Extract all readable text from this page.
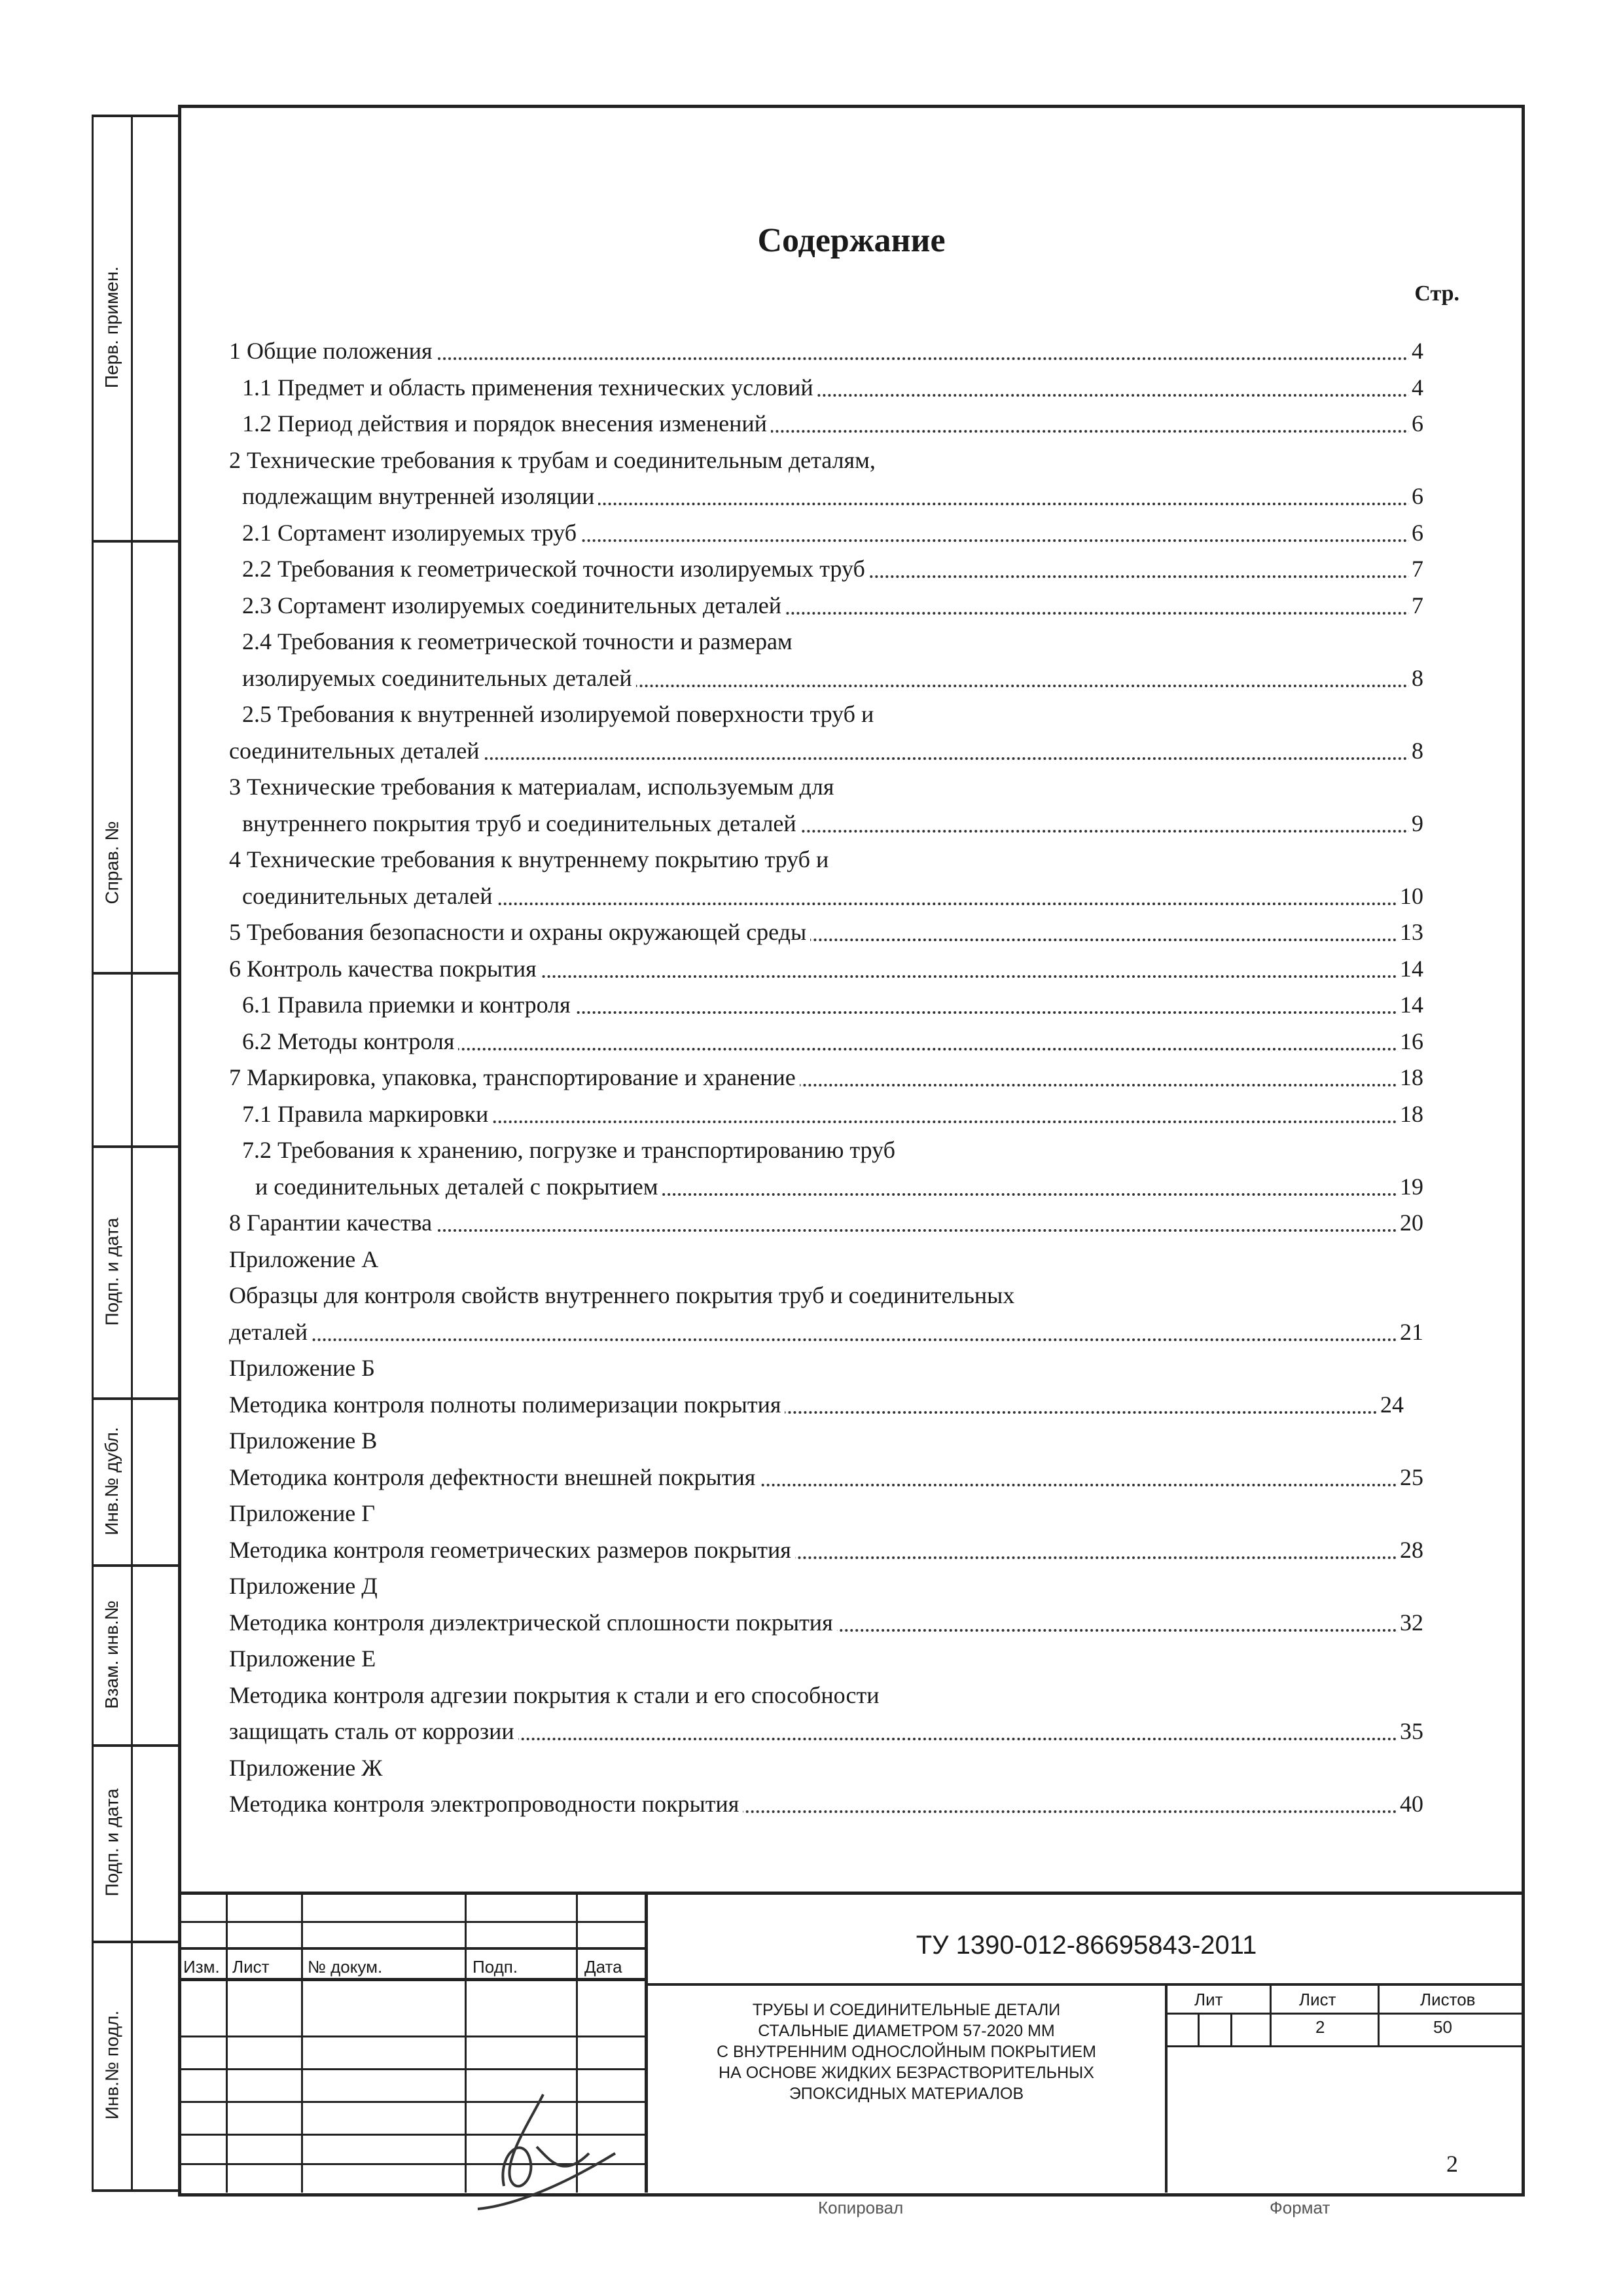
Перв. примен.
Справ. №
Подп. и дата
Инв.№ дубл.
Взам. инв.№
Подп. и дата
Инв.№ подл.
Содержание
Стр.
1 Общие положения	4
1.1 Предмет и область применения технических условий	4
1.2 Период действия и порядок внесения изменений	6
2 Технические требования к трубам и соединительным деталям,
подлежащим внутренней изоляции	6
2.1 Сортамент изолируемых труб	6
2.2 Требования к геометрической точности изолируемых труб	7
2.3 Сортамент изолируемых соединительных деталей	7
2.4 Требования к геометрической точности и размерам
изолируемых соединительных деталей	8
2.5 Требования к внутренней изолируемой поверхности труб и
соединительных деталей	8
3 Технические требования к материалам, используемым для
внутреннего покрытия труб и соединительных деталей	9
4 Технические требования к внутреннему покрытию труб и
соединительных деталей	10
5 Требования безопасности и охраны окружающей среды	13
6 Контроль качества покрытия	14
6.1 Правила приемки и контроля	14
6.2 Методы контроля	16
7 Маркировка, упаковка, транспортирование и хранение	18
7.1 Правила маркировки	18
7.2 Требования к хранению, погрузке и транспортированию труб
и соединительных деталей с покрытием	19
8 Гарантии качества	20
Приложение А
Образцы для контроля свойств внутреннего покрытия труб и соединительных
деталей	21
Приложение Б
Методика контроля полноты полимеризации покрытия	24
Приложение В
Методика контроля дефектности внешней покрытия	25
Приложение Г
Методика контроля геометрических размеров покрытия	28
Приложение Д
Методика контроля диэлектрической сплошности покрытия	32
Приложение Е
Методика контроля адгезии покрытия к стали и его способности
защищать сталь от коррозии	35
Приложение Ж
Методика контроля электропроводности покрытия	40
Изм. Лист № докум.	Подп.	Дата
ТУ 1390-012-86695843-2011
ТРУБЫ И СОЕДИНИТЕЛЬНЫЕ ДЕТАЛИ
СТАЛЬНЫЕ ДИАМЕТРОМ 57-2020 ММ
С ВНУТРЕННИМ ОДНОСЛОЙНЫМ ПОКРЫТИЕМ
НА ОСНОВЕ ЖИДКИХ БЕЗРАСТВОРИТЕЛЬНЫХ
ЭПОКСИДНЫХ МАТЕРИАЛОВ
Лит	Лист	Листов
2	50
2
Копировал	Формат
